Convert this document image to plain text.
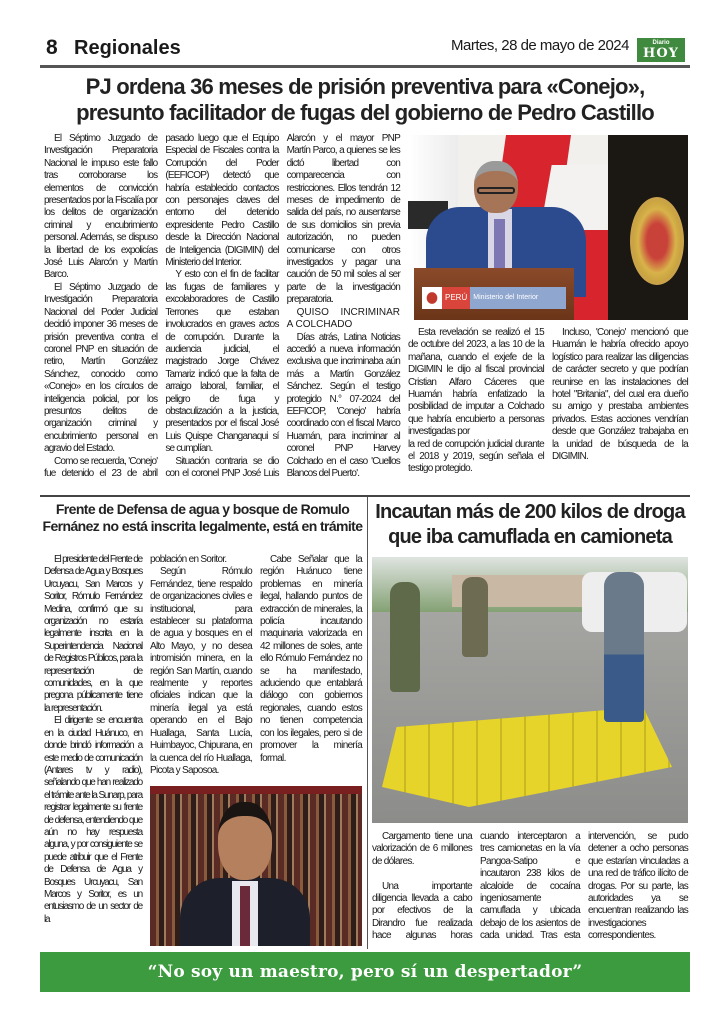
8 Regionales	Martes, 28 de mayo de 2024	Diario
HOY
PJ ordena 36 meses de prisión preventiva para «Conejo»,
presunto facilitador de fugas del gobierno de Pedro Castillo

El Séptimo Juzgado de Investigación Preparatoria Nacional le impuso este fallo tras corroborarse los elementos de convicción presentados por la Fiscalía por los delitos de organización criminal y encubrimiento personal. Además, se dispuso la libertad de los expolicías José Luis Alarcón y Martín Barco.

El Séptimo Juzgado de Investigación Preparatoria Nacional del Poder Judicial decidió imponer 36 meses de prisión preventiva contra el coronel PNP en situación de retiro, Martín González Sánchez, conocido como «Conejo» en los círculos de inteligencia policial, por los presuntos delitos de organización criminal y encubrimiento personal en agravio del Estado.

Como se recuerda, 'Conejo' fue detenido el 23 de abril pasado luego que el Equipo Especial de Fiscales contra la Corrupción del Poder (EEFICOP) detectó que habría establecido contactos con personajes claves del entorno del detenido expresidente Pedro Castillo desde la Dirección Nacional de Inteligencia (DIGIMIN) del Ministerio del Interior.

Y esto con el fin de facilitar las fugas de familiares y excolaboradores de Castillo Terrones que estaban involucrados en graves actos de corrupción. Durante la audiencia judicial, el magistrado Jorge Chávez Tamariz indicó que la falta de arraigo laboral, familiar, el peligro de fuga y obstaculización a la justicia, presentados por el fiscal José Luis Quispe Changanaqui sí se cumplían.

Situación contraria se dio con el coronel PNP José Luis Alarcón y el mayor PNP Martín Parco, a quienes se les dictó libertad con comparecencia con restricciones. Ellos tendrán 12 meses de impedimento de salida del país, no ausentarse de sus domicilios sin previa autorización, no pueden comunicarse con otros investigados y pagar una caución de 50 mil soles al ser parte de la investigación preparatoria.

QUISO INCRIMINAR A COLCHADO

Días atrás, Latina Noticias accedió a nueva información exclusiva que incriminaba aún más a Martín González Sánchez. Según el testigo protegido N.° 07-2024 del EEFICOP, 'Conejo' habría coordinado con el fiscal Marco Huamán, para incriminar al coronel PNP Harvey Colchado en el caso 'Cuellos Blancos del Puerto'.

PERÚ Ministerio del Interior

Esta revelación se realizó el 15 de octubre del 2023, a las 10 de la mañana, cuando el exjefe de la DIGIMIN le dijo al fiscal provincial Cristian Alfaro Cáceres que Huamán habría enfatizado la posibilidad de imputar a Colchado que habría encubierto a personas investigadas por

la red de corrupción judicial durante el 2018 y 2019, según señala el testigo protegido.

Incluso, 'Conejo' mencionó que Huamán le habría ofrecido apoyo logístico para realizar las diligencias de carácter secreto y que podrían reunirse en las instalaciones del hotel "Britania", del cual era dueño su amigo y prestaba ambientes privados. Estas acciones vendrían desde que González trabajaba en la unidad de búsqueda de la DIGIMIN.

Frente de Defensa de agua y bosque de Romulo
Fernánez no está inscrita legalmente, está en trámite

El presidente del Frente de Defensa de Agua y Bosques Urcuyacu, San Marcos y Soritor, Rómulo Fernández Medina, confirmó que su organización no estaría legalmente inscrita en la Superintendencia Nacional de Registros Públicos, para la representación de comunidades, en la que pregona públicamente tiene la representación.

El dirigente se encuentra en la ciudad Huánuco, en donde brindó información a este medio de comunicación (Antares tv y radio), señalando que han realizado el trámite ante la Sunarp, para registrar legalmente su frente de defensa, entendiendo que aún no hay respuesta alguna, y por consiguiente se puede atribuir que el Frente de Defensa de Agua y Bosques Urcuyacu, San Marcos y Soritor, es un entusiasmo de un sector de la

población en Soritor.

Según Rómulo Fernández, tiene respaldo de organizaciones civiles e institucional, para establecer su plataforma de agua y bosques en el Alto Mayo, y no desea intromisión minera, en la región San Martín, cuando realmente y reportes oficiales indican que la minería ilegal ya está operando en el Bajo Huallaga, Santa Lucía, Huimbayoc, Chipurana, en la cuenca del río Huallaga, Picota y Saposoa.

Cabe Señalar que la región Huánuco tiene problemas en minería ilegal, hallando puntos de extracción de minerales, la policía incautando maquinaria valorizada en 42 millones de soles, ante ello Rómulo Fernández no se ha manifestado, aduciendo que entablará diálogo con gobiernos regionales, cuando estos no tienen competencia con los ilegales, pero si de promover la minería formal.

Incautan más de 200 kilos de droga
que iba camuflada en camioneta

Cargamento tiene una valorización de 6 millones de dólares.

Una importante diligencia llevada a cabo por efectivos de la Dirandro fue realizada hace algunas horas cuando interceptaron a tres camionetas en la vía Pangoa-Satipo e incautaron 238 kilos de alcaloide de cocaína ingeniosamente camuflada y ubicada debajo de los asientos de cada unidad. Tras esta intervención, se pudo detener a ocho personas que estarían vinculadas a una red de tráfico ilícito de drogas. Por su parte, las autoridades ya se encuentran realizando las investigaciones correspondientes.

“No soy un maestro, pero sí un despertador”
